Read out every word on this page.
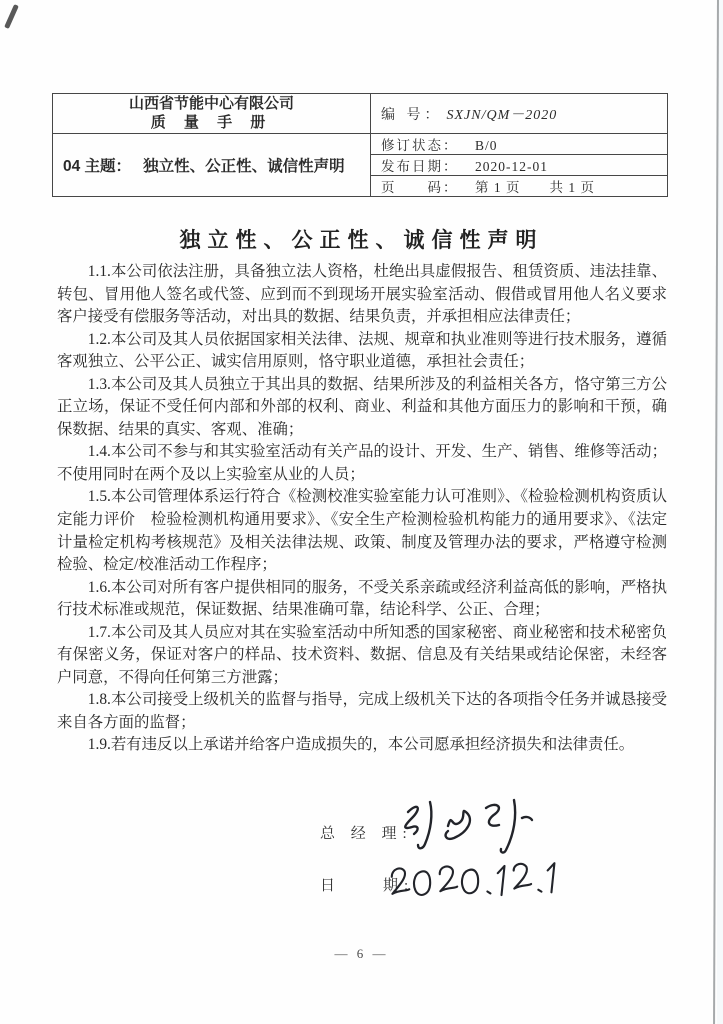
山西省节能中心有限公司
质 量 手 册	编 号： SXJN/QM－2020
04 主题： 独立性、公正性、诚信性声明	修订状态： B/0
	发布日期： 2020-12-01
	页　　码： 第 1 页　　共 1 页
独立性、公正性、诚信性声明

1.1.本公司依法注册，具备独立法人资格，杜绝出具虚假报告、租赁资质、违法挂靠、转包、冒用他人签名或代签、应到而不到现场开展实验室活动、假借或冒用他人名义要求客户接受有偿服务等活动，对出具的数据、结果负责，并承担相应法律责任；

1.2.本公司及其人员依据国家相关法律、法规、规章和执业准则等进行技术服务，遵循客观独立、公平公正、诚实信用原则，恪守职业道德，承担社会责任；

1.3.本公司及其人员独立于其出具的数据、结果所涉及的利益相关各方，恪守第三方公正立场，保证不受任何内部和外部的权利、商业、利益和其他方面压力的影响和干预，确保数据、结果的真实、客观、准确；

1.4.本公司不参与和其实验室活动有关产品的设计、开发、生产、销售、维修等活动；不使用同时在两个及以上实验室从业的人员；

1.5.本公司管理体系运行符合《检测校准实验室能力认可准则》、《检验检测机构资质认定能力评价　检验检测机构通用要求》、《安全生产检测检验机构能力的通用要求》、《法定计量检定机构考核规范》及相关法律法规、政策、制度及管理办法的要求，严格遵守检测检验、检定/校准活动工作程序；

1.6.本公司对所有客户提供相同的服务，不受关系亲疏或经济利益高低的影响，严格执行技术标准或规范，保证数据、结果准确可靠，结论科学、公正、合理；

1.7.本公司及其人员应对其在实验室活动中所知悉的国家秘密、商业秘密和技术秘密负有保密义务，保证对客户的样品、技术资料、数据、信息及有关结果或结论保密，未经客户同意，不得向任何第三方泄露；

1.8.本公司接受上级机关的监督与指导，完成上级机关下达的各项指令任务并诚恳接受来自各方面的监督；

1.9.若有违反以上承诺并给客户造成损失的，本公司愿承担经济损失和法律责任。

总 经 理:
日　　期:
— 6 —
